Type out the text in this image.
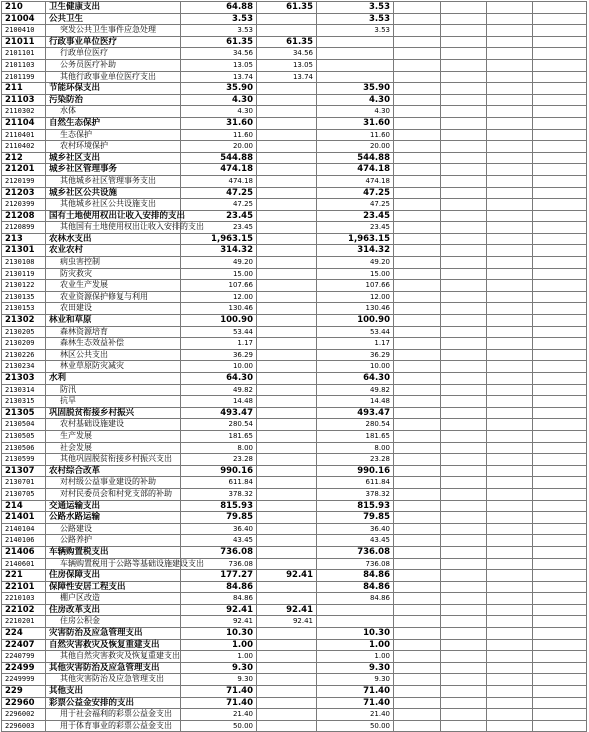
210	卫生健康支出	64.88	61.35	3.53				
21004	公共卫生	3.53		3.53				
2100410	突发公共卫生事件应急处理	3.53		3.53				
21011	行政事业单位医疗	61.35	61.35					
2101101	行政单位医疗	34.56	34.56					
2101103	公务员医疗补助	13.05	13.05					
2101199	其他行政事业单位医疗支出	13.74	13.74					
211	节能环保支出	35.90		35.90				
21103	污染防治	4.30		4.30				
2110302	水体	4.30		4.30				
21104	自然生态保护	31.60		31.60				
2110401	生态保护	11.60		11.60				
2110402	农村环境保护	20.00		20.00				
212	城乡社区支出	544.88		544.88				
21201	城乡社区管理事务	474.18		474.18				
2120199	其他城乡社区管理事务支出	474.18		474.18				
21203	城乡社区公共设施	47.25		47.25				
2120399	其他城乡社区公共设施支出	47.25		47.25				
21208	国有土地使用权出让收入安排的支出	23.45		23.45				
2120899	其他国有土地使用权出让收入安排的支出	23.45		23.45				
213	农林水支出	1,963.15		1,963.15				
21301	农业农村	314.32		314.32				
2130108	病虫害控制	49.20		49.20				
2130119	防灾救灾	15.00		15.00				
2130122	农业生产发展	107.66		107.66				
2130135	农业资源保护修复与利用	12.00		12.00				
2130153	农田建设	130.46		130.46				
21302	林业和草原	100.90		100.90				
2130205	森林资源培育	53.44		53.44				
2130209	森林生态效益补偿	1.17		1.17				
2130226	林区公共支出	36.29		36.29				
2130234	林业草原防灾减灾	10.00		10.00				
21303	水利	64.30		64.30				
2130314	防汛	49.82		49.82				
2130315	抗旱	14.48		14.48				
21305	巩固脱贫衔接乡村振兴	493.47		493.47				
2130504	农村基础设施建设	280.54		280.54				
2130505	生产发展	181.65		181.65				
2130506	社会发展	8.00		8.00				
2130599	其他巩固脱贫衔接乡村振兴支出	23.28		23.28				
21307	农村综合改革	990.16		990.16				
2130701	对村级公益事业建设的补助	611.84		611.84				
2130705	对村民委员会和村党支部的补助	378.32		378.32				
214	交通运输支出	815.93		815.93				
21401	公路水路运输	79.85		79.85				
2140104	公路建设	36.40		36.40				
2140106	公路养护	43.45		43.45				
21406	车辆购置税支出	736.08		736.08				
2140601	车辆购置税用于公路等基础设施建设支出	736.08		736.08				
221	住房保障支出	177.27	92.41	84.86				
22101	保障性安居工程支出	84.86		84.86				
2210103	棚户区改造	84.86		84.86				
22102	住房改革支出	92.41	92.41					
2210201	住房公积金	92.41	92.41					
224	灾害防治及应急管理支出	10.30		10.30				
22407	自然灾害救灾及恢复重建支出	1.00		1.00				
2240799	其他自然灾害救灾及恢复重建支出	1.00		1.00				
22499	其他灾害防治及应急管理支出	9.30		9.30				
2249999	其他灾害防治及应急管理支出	9.30		9.30				
229	其他支出	71.40		71.40				
22960	彩票公益金安排的支出	71.40		71.40				
2296002	用于社会福利的彩票公益金支出	21.40		21.40				
2296003	用于体育事业的彩票公益金支出	50.00		50.00				
